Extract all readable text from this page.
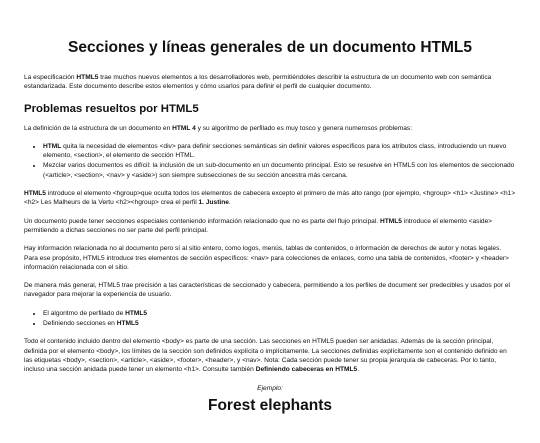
Secciones y líneas generales de un documento HTML5

La especificación HTML5 trae muchos nuevos elementos a los desarrolladores web, permitiéndoles describir la estructura de un documento web con semántica estandarizada. Este documento describe estos elementos y cómo usarlos para definir el perfil de cualquier documento.

Problemas resueltos por HTML5

La definición de la estructura de un documento en HTML 4 y su algoritmo de perfilado es muy tosco y genera numerosos problemas:

• HTML quita la necesidad de elementos <div> para definir secciones semánticas sin definir valores específicos para los atributos class, introduciendo un nuevo elemento, <section>, el elemento de sección HTML.
• Mezclar varios documentos es difícil: la inclusión de un sub-documento en un documento principal. Esto se resuelve en HTML5 con los elementos de seccionado (<article>, <section>, <nav> y <aside>) son siempre subsecciones de su sección ancestra más cercana.

HTML5 introduce el elemento <hgroup>que oculta todos los elementos de cabecera excepto el primero de más alto rango (por ejemplo, <hgroup> <h1> <Justine> <h1> <h2> Les Malheurs de la Vertu <h2><hgroup> crea el perfil 1. Justine.

Un documento puede tener secciones especiales conteniendo información relacionado que no es parte del flujo principal. HTML5 introduce el elemento <aside> permitiendo a dichas secciones no ser parte del perfil principal.

Hay información relacionada no al documento pero sí al sitio entero, como logos, menús, tablas de contenidos, o información de derechos de autor y notas legales. Para ese propósito, HTML5 introduce tres elementos de sección específicos: <nav> para colecciones de enlaces, como una tabla de contenidos, <footer> y <header> información relacionada con el sitio.

De manera más general, HTML5 trae precisión a las características de seccionado y cabecera, permitiendo a los perfiles de document ser predecibles y usados por el navegador para mejorar la experiencia de usuario.

• El algoritmo de perfilado de HTML5
• Definiendo secciones en HTML5

Todo el contenido incluido dentro del elemento <body> es parte de una sección. Las secciones en HTML5 pueden ser anidadas. Además de la sección principal, definida por el elemento <body>, los límites de la sección son definidos explícita o implícitamente. La secciones definidas explícitamente son el contenido definido en las etiquetas <body>, <section>, <article>, <aside>, <footer>, <header>, y <nav>. Nota: Cada sección puede tener su propia jerarquía de cabeceras. Por lo tanto, incluso una sección anidada puede tener un elemento <h1>. Consulte también Definiendo cabeceras en HTML5.

Ejemplo:

Forest elephants
